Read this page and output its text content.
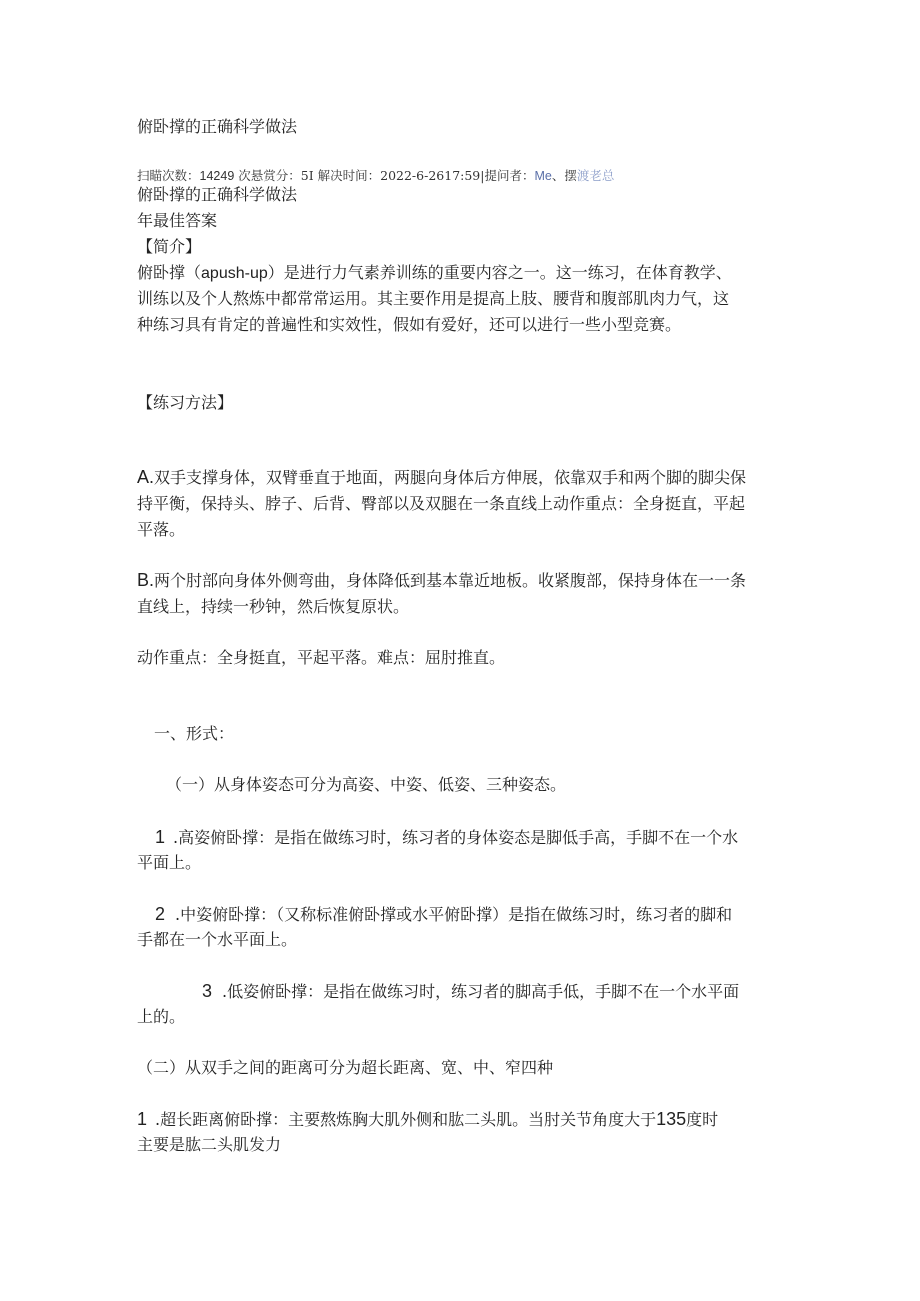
俯卧撑的正确科学做法
扫瞄次数：14249 次悬赏分：5I 解决时间：2022-6-2617:59|提问者：Me、摆渡老总
俯卧撑的正确科学做法
年最佳答案
【简介】
俯卧撑（apush-up）是进行力气素养训练的重要内容之一。这一练习，在体育教学、
训练以及个人熬炼中都常常运用。其主要作用是提高上肢、腰背和腹部肌肉力气，这
种练习具有肯定的普遍性和实效性，假如有爱好，还可以进行一些小型竞赛。
【练习方法】
A.双手支撑身体，双臂垂直于地面，两腿向身体后方伸展，依靠双手和两个脚的脚尖保
持平衡，保持头、脖子、后背、臀部以及双腿在一条直线上动作重点：全身挺直，平起
平落。
B.两个肘部向身体外侧弯曲，身体降低到基本靠近地板。收紧腹部，保持身体在一一条
直线上，持续一秒钟，然后恢复原状。
动作重点：全身挺直，平起平落。难点：屈肘推直。
一、形式：
（一）从身体姿态可分为高姿、中姿、低姿、三种姿态。
1 .高姿俯卧撑：是指在做练习时，练习者的身体姿态是脚低手高，手脚不在一个水
平面上。
2 .中姿俯卧撑：（又称标准俯卧撑或水平俯卧撑）是指在做练习时，练习者的脚和
手都在一个水平面上。
3 .低姿俯卧撑：是指在做练习时，练习者的脚高手低，手脚不在一个水平面
上的。
（二）从双手之间的距离可分为超长距离、宽、中、窄四种
1 .超长距离俯卧撑：主要熬炼胸大肌外侧和肱二头肌。当肘关节角度大于135度时
主要是肱二头肌发力
